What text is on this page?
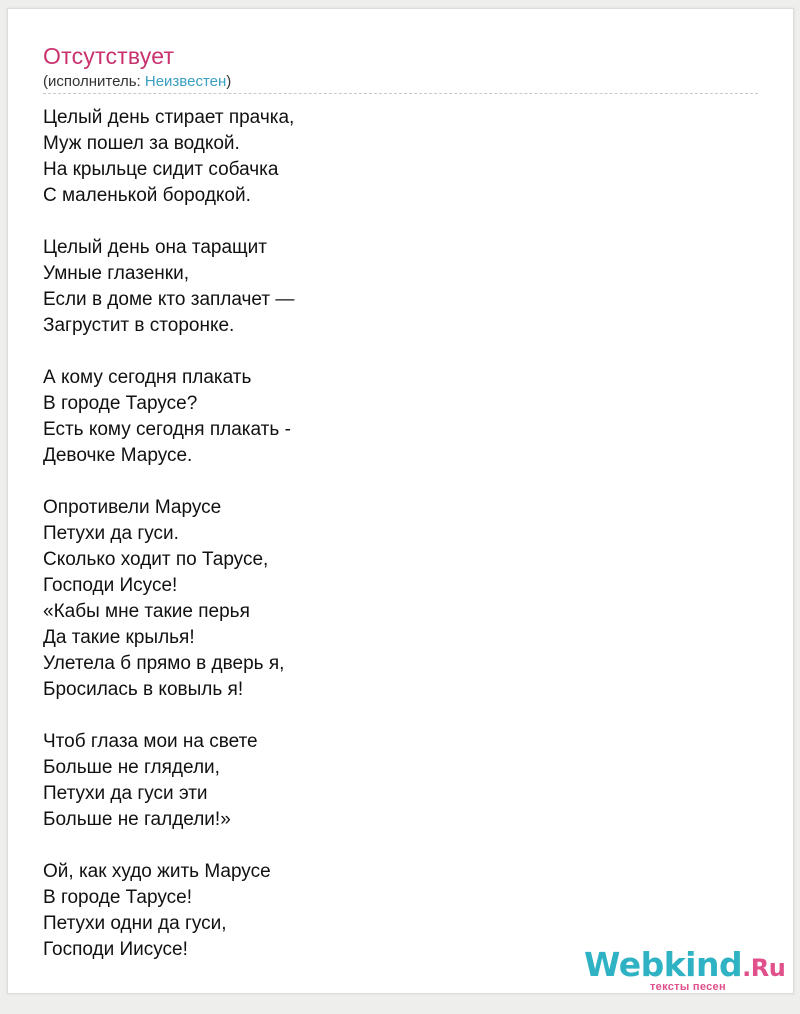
Отсутствует
(исполнитель: Неизвестен)
Целый день стирает прачка,
Муж пошел за водкой.
На крыльце сидит собачка
С маленькой бородкой.
Целый день она таращит
Умные глазенки,
Если в доме кто заплачет —
Загрустит в сторонке.
А кому сегодня плакать
В городе Тарусе?
Есть кому сегодня плакать -
Девочке Марусе.
Опротивели Марусе
Петухи да гуси.
Сколько ходит по Тарусе,
Господи Исусе!
«Кабы мне такие перья
Да такие крылья!
Улетела б прямо в дверь я,
Бросилась в ковыль я!
Чтоб глаза мои на свете
Больше не глядели,
Петухи да гуси эти
Больше не галдели!»
Ой, как худо жить Марусе
В городе Тарусе!
Петухи одни да гуси,
Господи Иисусе!	Webkind.Ru
тексты песен
